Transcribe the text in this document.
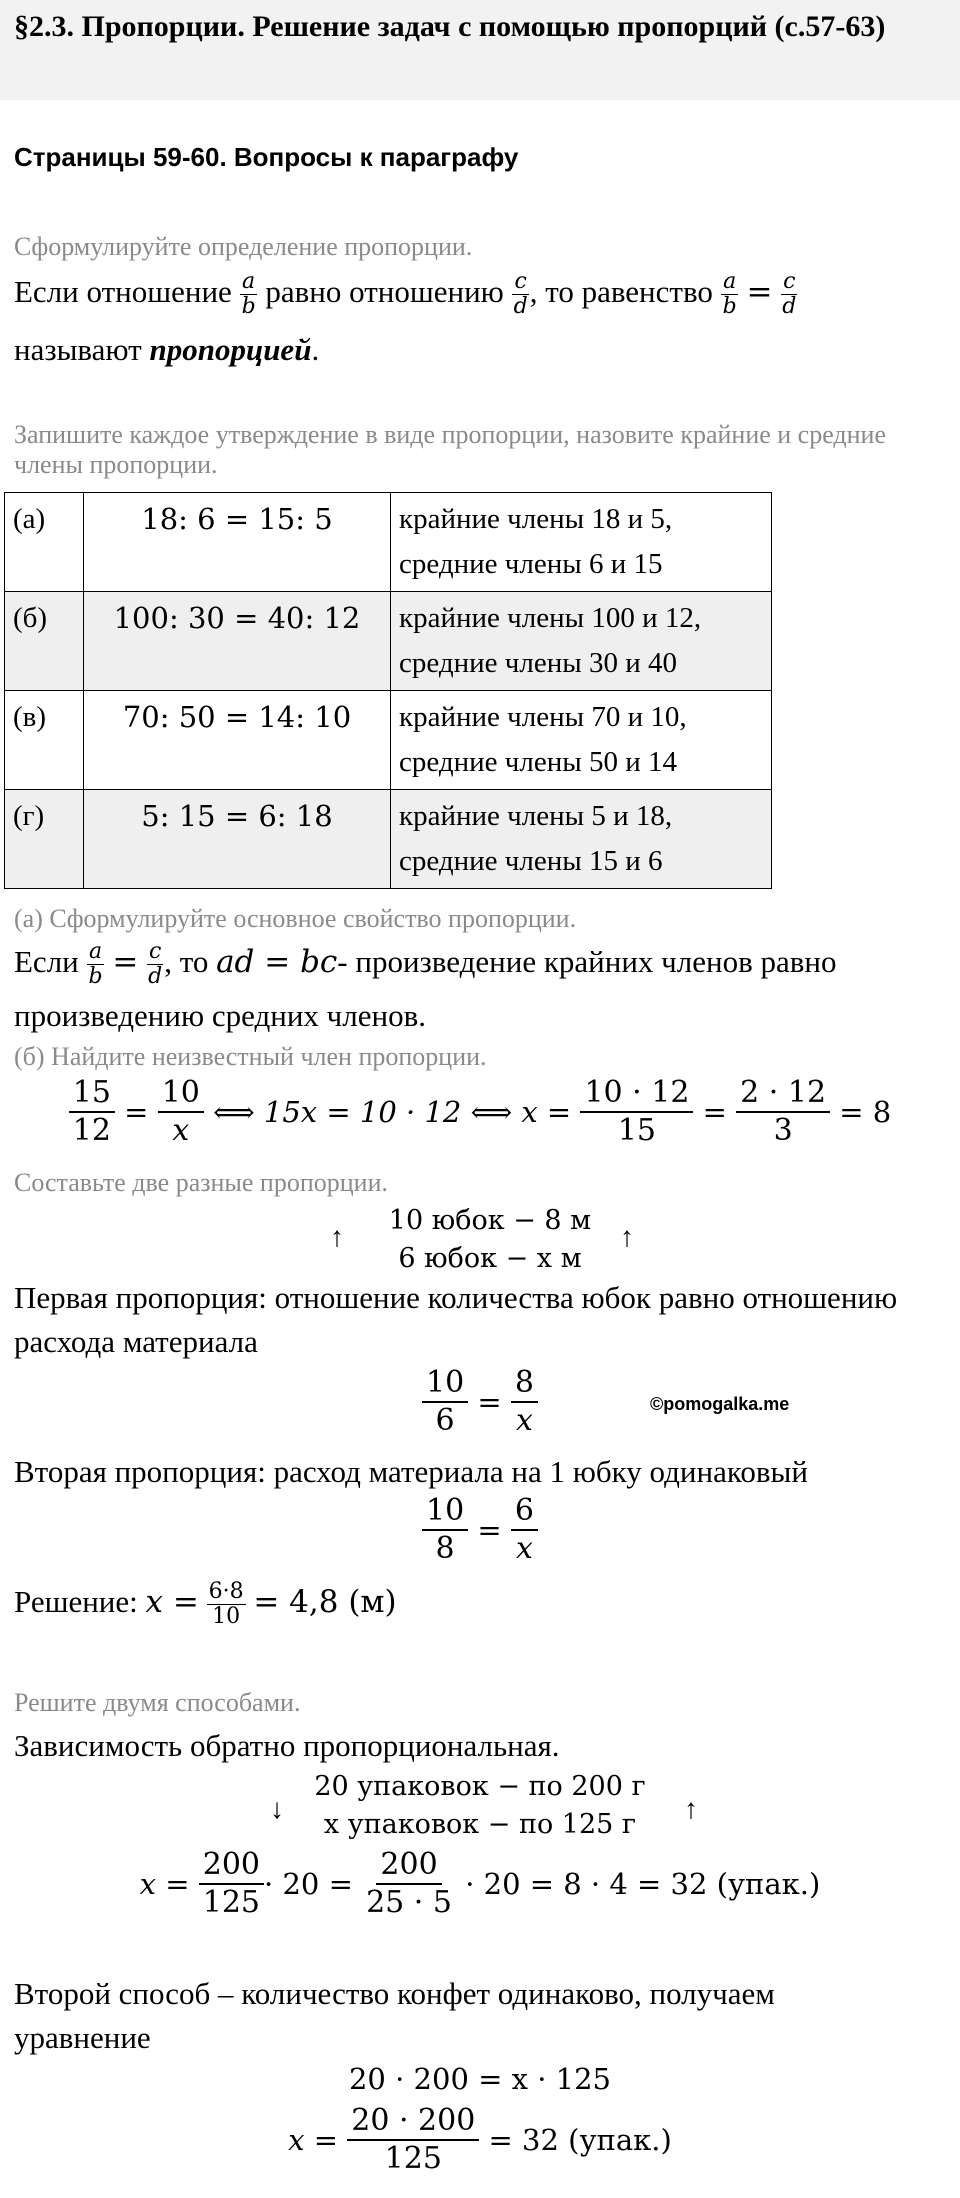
§2.3. Пропорции. Решение задач с помощью пропорций (с.57-63)
Страницы 59-60. Вопросы к параграфу
Сформулируйте определение пропорции.
Если отношение $\frac{a}{b}$ равно отношению $\frac{c}{d}$ , то равенство $\frac{a}{b} = \frac{c}{d}$
называют пропорцией.
Запишите каждое утверждение в виде пропорции, назовите крайние и средние члены пропорции.
(а)	18: 6 = 15: 5	крайние члены 18 и 5,
средние члены 6 и 15
(б)	100: 30 = 40: 12	крайние члены 100 и 12,
средние члены 30 и 40
(в)	70: 50 = 14: 10	крайние члены 70 и 10,
средние члены 50 и 14
(г)	5: 15 = 6: 18	крайние члены 5 и 18,
средние члены 15 и 6
(а) Сформулируйте основное свойство пропорции.
Если $\frac{a}{b} = \frac{c}{d}$ , то ad = bc- произведение крайних членов равно
произведению средних членов.
(б) Найдите неизвестный член пропорции.
$\frac{15}{12} = \frac{10}{x}$
⟺ 15x = 10 · 12 ⟺ x =
$\frac{10 \cdot 12}{15} = \frac{2 \cdot 12}{3}$
= 8
Составьте две разные пропорции.
↑	↑
10 юбок − 8 м
6 юбок − x м
Первая пропорция: отношение количества юбок равно отношению
расхода материала
$\frac{10}{6} = \frac{8}{x}$	©pomogalka.me
Вторая пропорция: расход материала на 1 юбку одинаковый
$\frac{10}{8} = \frac{6}{x}$
Решение: $x = \frac{6\cdot 8}{10} = 4,8$ (м)
Решите двумя способами.
Зависимость обратно пропорциональная.
↓	↑
20 упаковок − по 200 г
x упаковок − по 125 г
x =
$\frac{200}{125} \cdot 20$ =
$\frac{200}{25 \cdot 5}$
· 20 = 8 · 4 = 32 (упак.)
Второй способ – количество конфет одинаково, получаем
уравнение
20 · 200 = x · 125
x =
$\frac{20 \cdot 200}{125}$
= 32 (упак.)
